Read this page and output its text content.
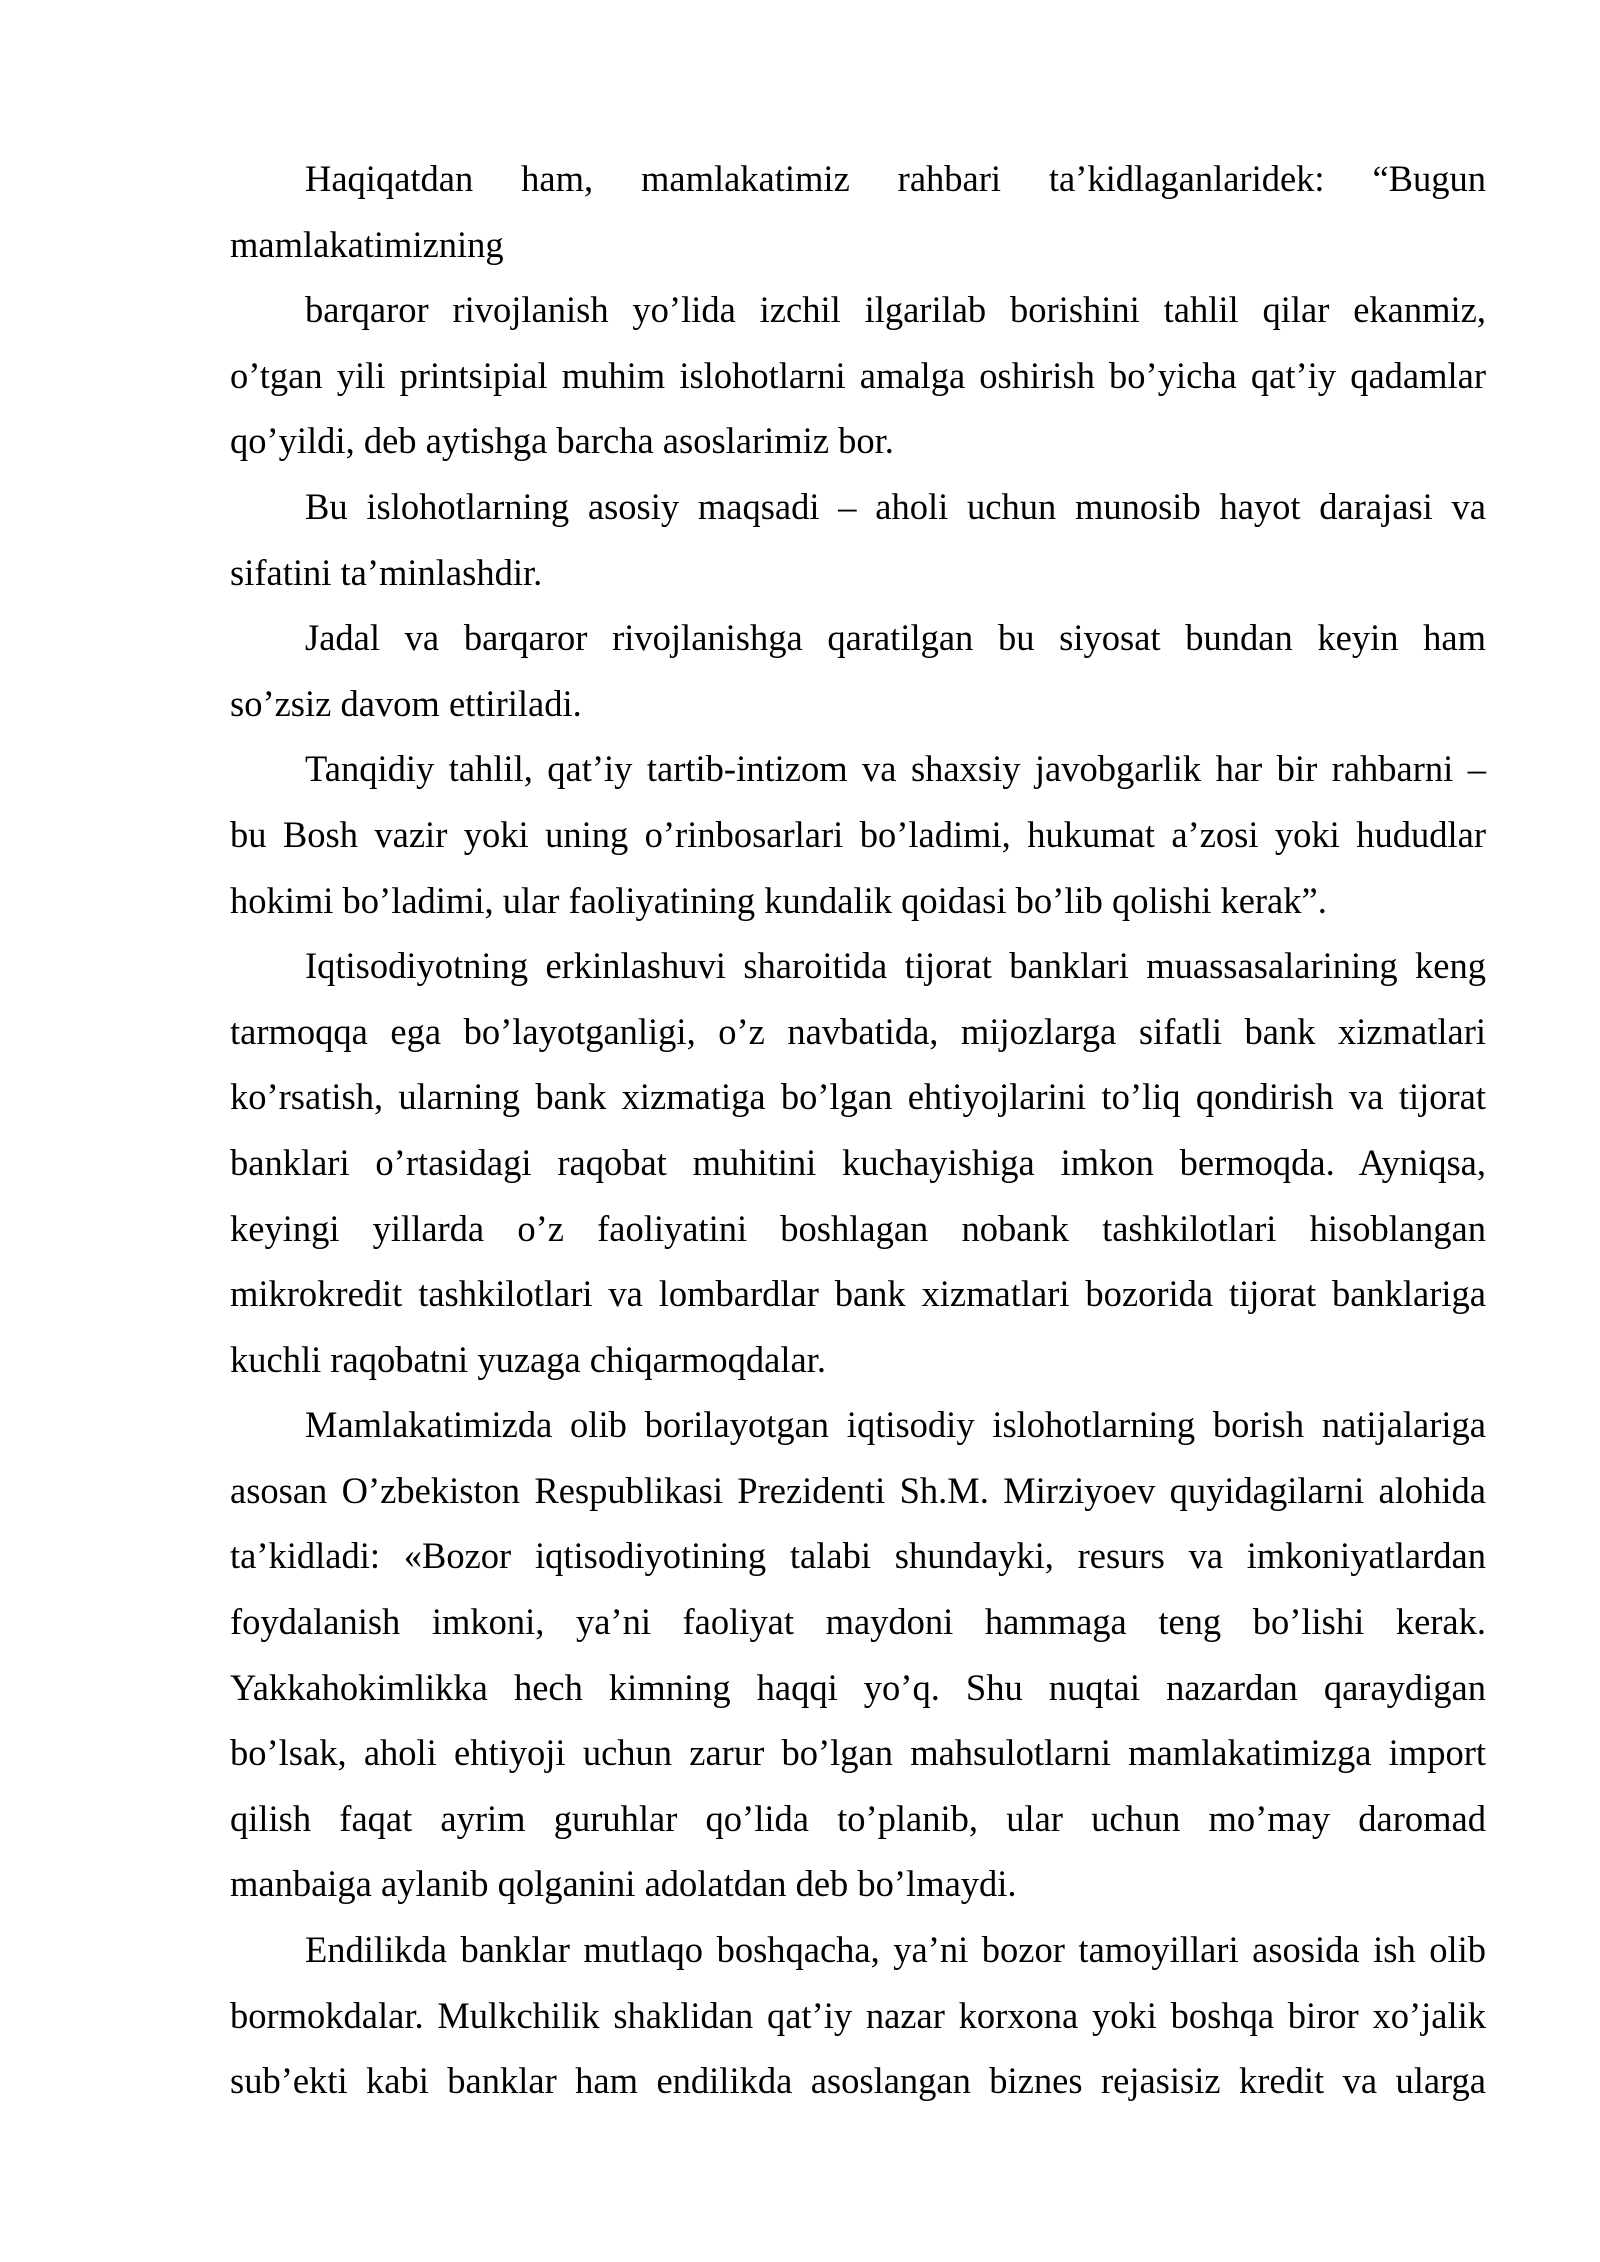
Haqiqatdan ham, mamlakatimiz rahbari ta’kidlaganlaridek: “Bugun
mamlakatimizning
barqaror rivojlanish yo’lida izchil ilgarilab borishini tahlil qilar ekanmiz,
o’tgan yili printsipial muhim islohotlarni amalga oshirish bo’yicha qat’iy qadamlar
qo’yildi, deb aytishga barcha asoslarimiz bor.
Bu islohotlarning asosiy maqsadi – aholi uchun munosib hayot darajasi va
sifatini ta’minlashdir.
Jadal va barqaror rivojlanishga qaratilgan bu siyosat bundan keyin ham
so’zsiz davom ettiriladi.
Tanqidiy tahlil, qat’iy tartib-intizom va shaxsiy javobgarlik har bir rahbarni –
bu Bosh vazir yoki uning o’rinbosarlari bo’ladimi, hukumat a’zosi yoki hududlar
hokimi bo’ladimi, ular faoliyatining kundalik qoidasi bo’lib qolishi kerak”.
Iqtisodiyotning erkinlashuvi sharoitida tijorat banklari muassasalarining keng
tarmoqqa ega bo’layotganligi, o’z navbatida, mijozlarga sifatli bank xizmatlari
ko’rsatish, ularning bank xizmatiga bo’lgan ehtiyojlarini to’liq qondirish va tijorat
banklari o’rtasidagi raqobat muhitini kuchayishiga imkon bermoqda. Ayniqsa,
keyingi yillarda o’z faoliyatini boshlagan nobank tashkilotlari hisoblangan
mikrokredit tashkilotlari va lombardlar bank xizmatlari bozorida tijorat banklariga
kuchli raqobatni yuzaga chiqarmoqdalar.
Mamlakatimizda olib borilayotgan iqtisodiy islohotlarning borish natijalariga
asosan O’zbekiston Respublikasi Prezidenti Sh.M. Mirziyoev quyidagilarni alohida
ta’kidladi: «Bozor iqtisodiyotining talabi shundayki, resurs va imkoniyatlardan
foydalanish imkoni, ya’ni faoliyat maydoni hammaga teng bo’lishi kerak.
Yakkahokimlikka hech kimning haqqi yo’q. Shu nuqtai nazardan qaraydigan
bo’lsak, aholi ehtiyoji uchun zarur bo’lgan mahsulotlarni mamlakatimizga import
qilish faqat ayrim guruhlar qo’lida to’planib, ular uchun mo’may daromad
manbaiga aylanib qolganini adolatdan deb bo’lmaydi.
Endilikda banklar mutlaqo boshqacha, ya’ni bozor tamoyillari asosida ish olib
bormokdalar. Mulkchilik shaklidan qat’iy nazar korxona yoki boshqa biror xo’jalik
sub’ekti kabi banklar ham endilikda asoslangan biznes rejasisiz kredit va ularga
